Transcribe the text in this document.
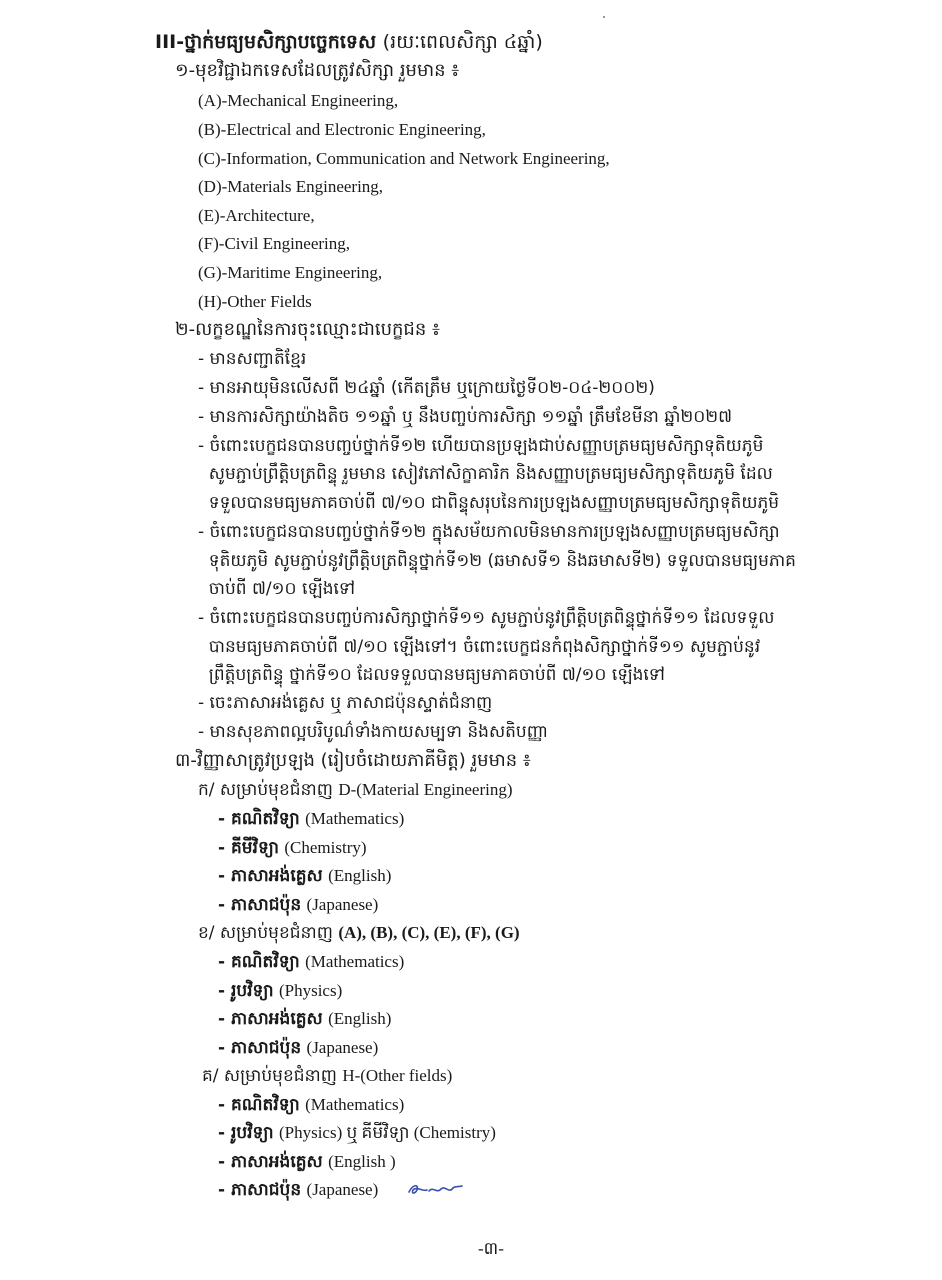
III-ថ្នាក់មធ្យមសិក្សាបច្ចេកទេស (រយៈពេលសិក្សា ៤ឆ្នាំ)
១-មុខវិជ្ជាឯកទេសដែលត្រូវសិក្សា រួមមាន ៖
(A)-Mechanical Engineering,
(B)-Electrical and Electronic Engineering,
(C)-Information, Communication and Network Engineering,
(D)-Materials Engineering,
(E)-Architecture,
(F)-Civil Engineering,
(G)-Maritime Engineering,
(H)-Other Fields
២-លក្ខខណ្ឌនៃការចុះឈ្មោះជាបេក្ខជន ៖
- មានសញ្ជាតិខ្មែរ
- មានអាយុមិនលើសពី ២៤ឆ្នាំ (កើតត្រឹម ឬក្រោយថ្ងៃទី០២-០៤-២០០២)
- មានការសិក្សាយ៉ាងតិច ១១ឆ្នាំ ឬ នឹងបញ្ចប់ការសិក្សា ១១ឆ្នាំ ត្រឹមខែមីនា ឆ្នាំ២០២៧
- ចំពោះបេក្ខជនបានបញ្ចប់ថ្នាក់ទី១២ ហើយបានប្រឡងជាប់សញ្ញាបត្រមធ្យមសិក្សាទុតិយភូមិ
សូមភ្ជាប់ព្រឹត្តិបត្រពិន្ទុ រួមមាន សៀវភៅសិក្ខាគារិក និងសញ្ញាបត្រមធ្យមសិក្សាទុតិយភូមិ ដែល
ទទួលបានមធ្យមភាគចាប់ពី ៧/១០ ជាពិន្ទុសរុបនៃការប្រឡងសញ្ញាបត្រមធ្យមសិក្សាទុតិយភូមិ
- ចំពោះបេក្ខជនបានបញ្ចប់ថ្នាក់ទី១២ ក្នុងសម័យកាលមិនមានការប្រឡងសញ្ញាបត្រមធ្យមសិក្សា
ទុតិយភូមិ សូមភ្ជាប់នូវព្រឹត្តិបត្រពិន្ទុថ្នាក់ទី១២ (ឆមាសទី១ និងឆមាសទី២) ទទួលបានមធ្យមភាគ
ចាប់ពី ៧/១០ ឡើងទៅ
- ចំពោះបេក្ខជនបានបញ្ចប់ការសិក្សាថ្នាក់ទី១១ សូមភ្ជាប់នូវព្រឹត្តិបត្រពិន្ទុថ្នាក់ទី១១ ដែលទទួល
បានមធ្យមភាគចាប់ពី ៧/១០ ឡើងទៅ។ ចំពោះបេក្ខជនកំពុងសិក្សាថ្នាក់ទី១១ សូមភ្ជាប់នូវ
ព្រឹត្តិបត្រពិន្ទុ ថ្នាក់ទី១០ ដែលទទួលបានមធ្យមភាគចាប់ពី ៧/១០ ឡើងទៅ
- ចេះភាសាអង់គ្លេស ឬ ភាសាជប៉ុនស្ទាត់ជំនាញ
- មានសុខភាពល្អបរិបូណ៌ទាំងកាយសម្បទា និងសតិបញ្ញា
៣-វិញ្ញាសាត្រូវប្រឡង (រៀបចំដោយភាគីមិត្ត) រួមមាន ៖
ក/ សម្រាប់មុខជំនាញ D-(Material Engineering)
- គណិតវិទ្យា (Mathematics)
- គីមីវិទ្យា (Chemistry)
- ភាសាអង់គ្លេស (English)
- ភាសាជប៉ុន (Japanese)
ខ/ សម្រាប់មុខជំនាញ (A), (B), (C), (E), (F), (G)
- គណិតវិទ្យា (Mathematics)
- រូបវិទ្យា (Physics)
- ភាសាអង់គ្លេស (English)
- ភាសាជប៉ុន (Japanese)
គ/ សម្រាប់មុខជំនាញ H-(Other fields)
- គណិតវិទ្យា (Mathematics)
- រូបវិទ្យា (Physics) ឬ គីមីវិទ្យា (Chemistry)
- ភាសាអង់គ្លេស (English )
- ភាសាជប៉ុន (Japanese)
-៣-
